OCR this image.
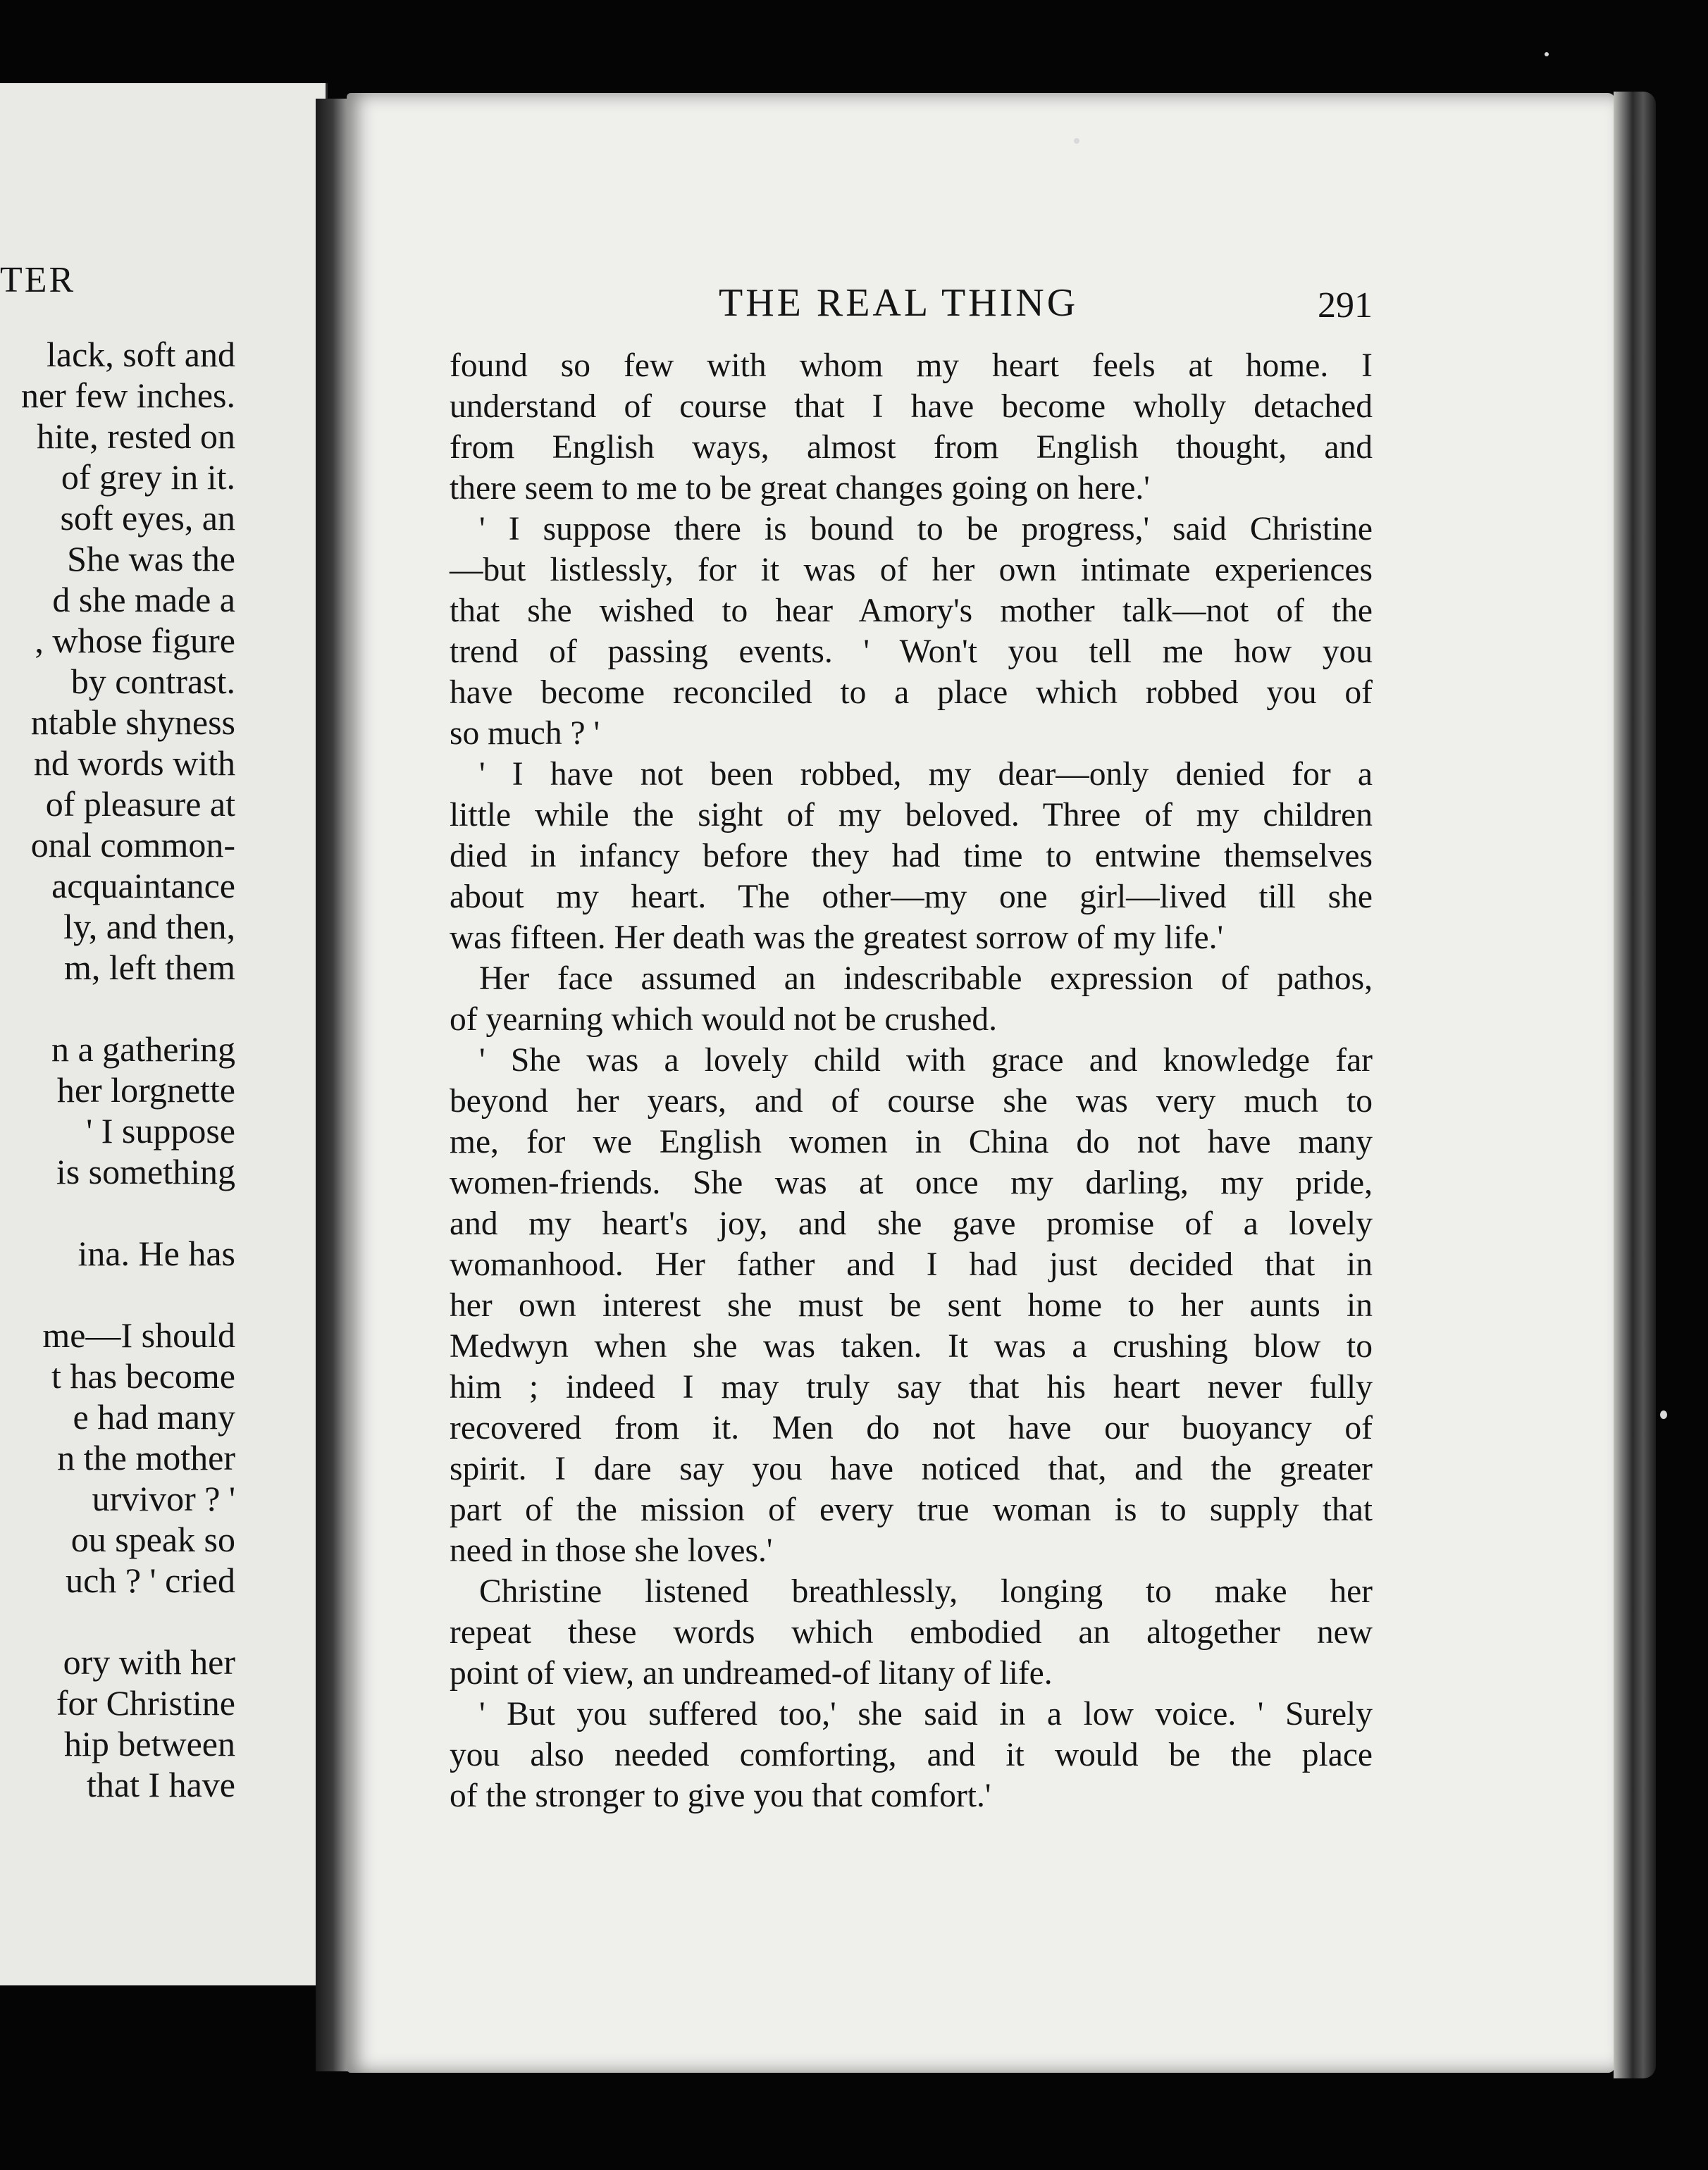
TER
lack, soft and
ner few inches.
hite, rested on
of grey in it.
soft eyes, an
She was the
d she made a
, whose figure
by contrast.
ntable shyness
nd words with
of pleasure at
onal common-
acquaintance
ly, and then,
m, left them
n a gathering
her lorgnette
' I suppose
is something
ina. He has
me—I should
t has become
e had many
n the mother
urvivor ? '
ou speak so
uch ? ' cried
ory with her
for Christine
hip between
that I have
THE REAL THING	291
found so few with whom my heart feels at home. I
understand of course that I have become wholly detached
from English ways, almost from English thought, and
there seem to me to be great changes going on here.'
' I suppose there is bound to be progress,' said Christine
—but listlessly, for it was of her own intimate experiences
that she wished to hear Amory's mother talk—not of the
trend of passing events. ' Won't you tell me how you
have become reconciled to a place which robbed you of
so much ? '
' I have not been robbed, my dear—only denied for a
little while the sight of my beloved. Three of my children
died in infancy before they had time to entwine themselves
about my heart. The other—my one girl—lived till she
was fifteen. Her death was the greatest sorrow of my life.'
Her face assumed an indescribable expression of pathos,
of yearning which would not be crushed.
' She was a lovely child with grace and knowledge far
beyond her years, and of course she was very much to
me, for we English women in China do not have many
women-friends. She was at once my darling, my pride,
and my heart's joy, and she gave promise of a lovely
womanhood. Her father and I had just decided that in
her own interest she must be sent home to her aunts in
Medwyn when she was taken. It was a crushing blow to
him ; indeed I may truly say that his heart never fully
recovered from it. Men do not have our buoyancy of
spirit. I dare say you have noticed that, and the greater
part of the mission of every true woman is to supply that
need in those she loves.'
Christine listened breathlessly, longing to make her
repeat these words which embodied an altogether new
point of view, an undreamed-of litany of life.
' But you suffered too,' she said in a low voice. ' Surely
you also needed comforting, and it would be the place
of the stronger to give you that comfort.'
